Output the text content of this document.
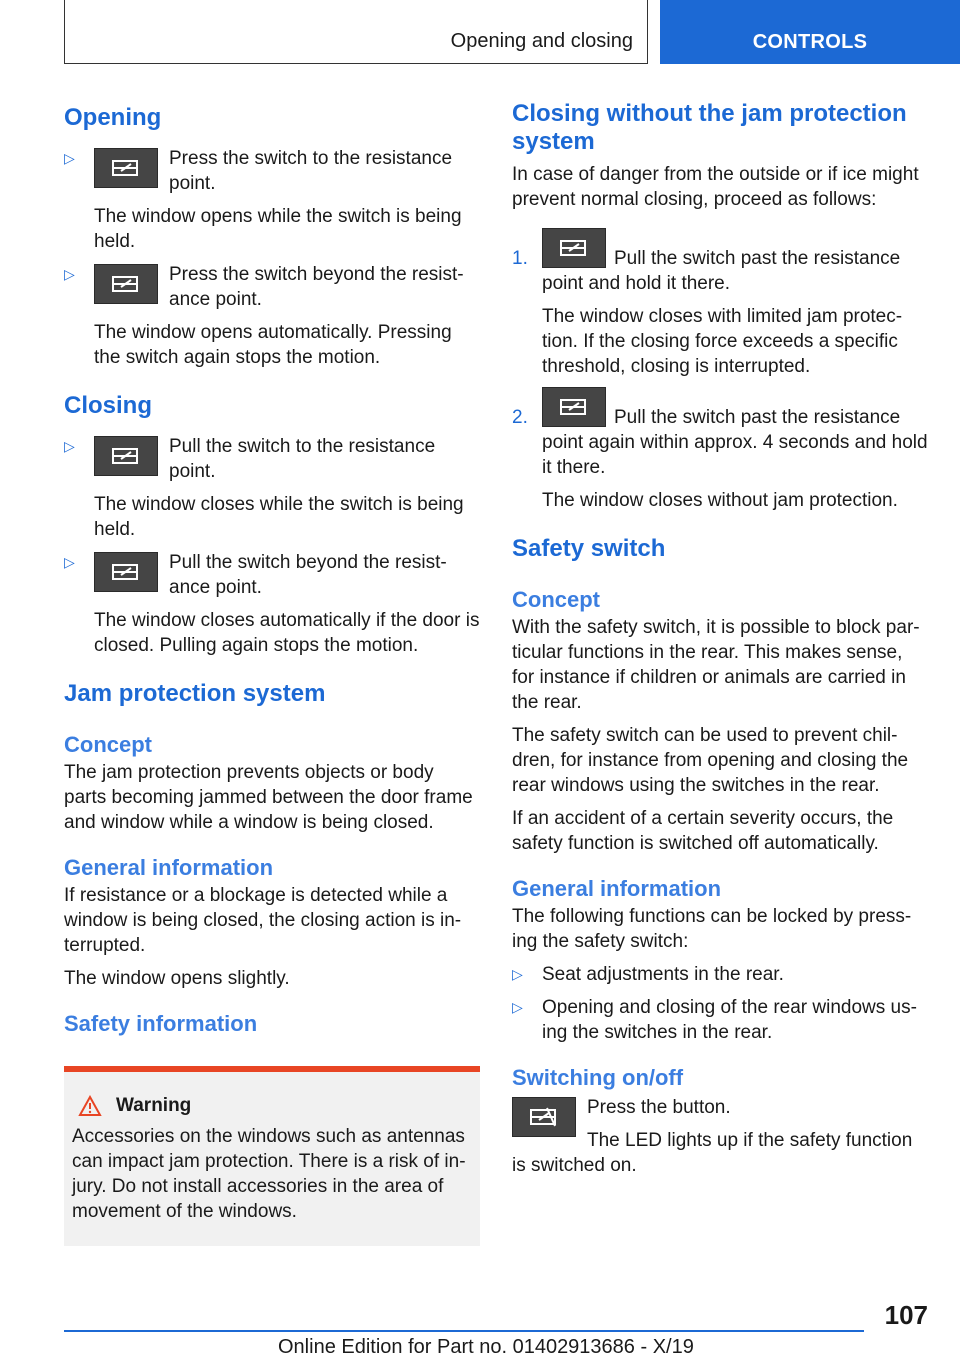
Opening and closing	CONTROLS
Opening
▷	Press the switch to the resistance point.

The window opens while the switch is being held.

▷	Press the switch beyond the resist-ance point.

The window opens automatically. Pressing the switch again stops the motion.

Closing
▷	Pull the switch to the resistance point.

The window closes while the switch is being held.

▷	Pull the switch beyond the resist-ance point.

The window closes automatically if the door is closed. Pulling again stops the motion.

Jam protection system
Concept

The jam protection prevents objects or body parts becoming jammed between the door frame and window while a window is being closed.

General information

If resistance or a blockage is detected while a window is being closed, the closing action is in-terrupted.

The window opens slightly.

Safety information
Warning

Accessories on the windows such as antennas can impact jam protection. There is a risk of in-jury. Do not install accessories in the area of movement of the windows.

Closing without the jam protection system

In case of danger from the outside or if ice might prevent normal closing, proceed as follows:

1.	Pull the switch past the resistance point and hold it there.

The window closes with limited jam protec-tion. If the closing force exceeds a specific threshold, closing is interrupted.

2.	Pull the switch past the resistance point again within approx. 4 seconds and hold it there.

The window closes without jam protection.

Safety switch
Concept

With the safety switch, it is possible to block par-ticular functions in the rear. This makes sense, for instance if children or animals are carried in the rear.

The safety switch can be used to prevent chil-dren, for instance from opening and closing the rear windows using the switches in the rear.

If an accident of a certain severity occurs, the safety function is switched off automatically.

General information

The following functions can be locked by press-ing the safety switch:

▷ Seat adjustments in the rear.

▷ Opening and closing of the rear windows us-ing the switches in the rear.

Switching on/off

Press the button.

The LED lights up if the safety function is switched on.

107
Online Edition for Part no. 01402913686 - X/19
